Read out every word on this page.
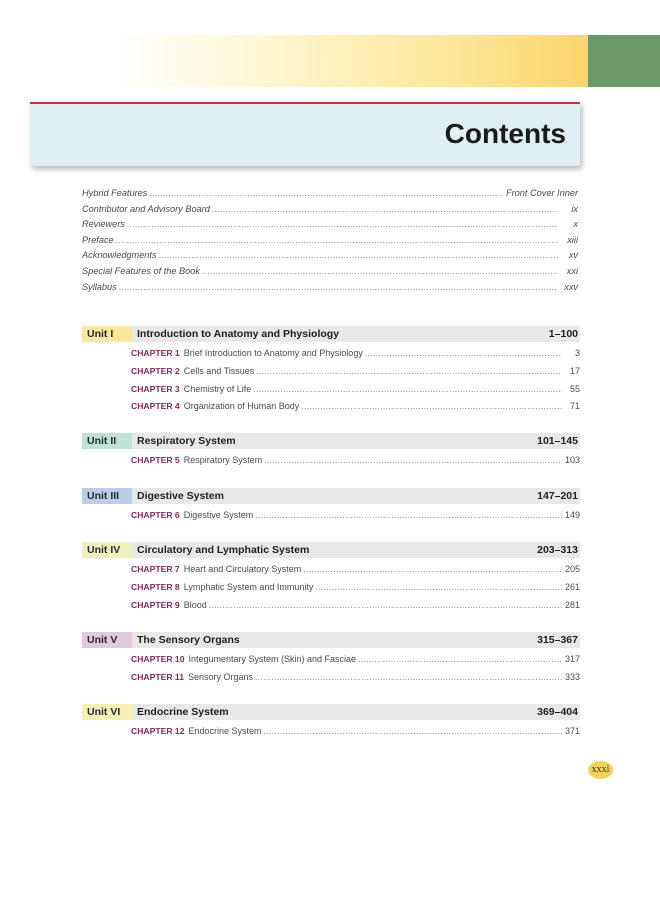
Contents
Hybrid Features .....	Front Cover Inner
Contributor and Advisory Board .....	ix
Reviewers .....	x
Preface .....	xiii
Acknowledgments .....	xv
Special Features of the Book .....	xxi
Syllabus .....	xxv
Unit I	Introduction to Anatomy and Physiology	1–100
CHAPTER 1 Brief Introduction to Anatomy and Physiology .....	3
CHAPTER 2 Cells and Tissues .....	17
CHAPTER 3 Chemistry of Life .....	55
CHAPTER 4 Organization of Human Body .....	71
Unit II	Respiratory System	101–145
CHAPTER 5 Respiratory System .....	103
Unit III	Digestive System	147–201
CHAPTER 6 Digestive System .....	149
Unit IV	Circulatory and Lymphatic System	203–313
CHAPTER 7 Heart and Circulatory System .....	205
CHAPTER 8 Lymphatic System and Immunity .....	261
CHAPTER 9 Blood .....	281
Unit V	The Sensory Organs	315–367
CHAPTER 10 Integumentary System (Skin) and Fasciae .....	317
CHAPTER 11 Sensory Organs .....	333
Unit VI	Endocrine System	369–404
CHAPTER 12 Endocrine System .....	371
xxxi
